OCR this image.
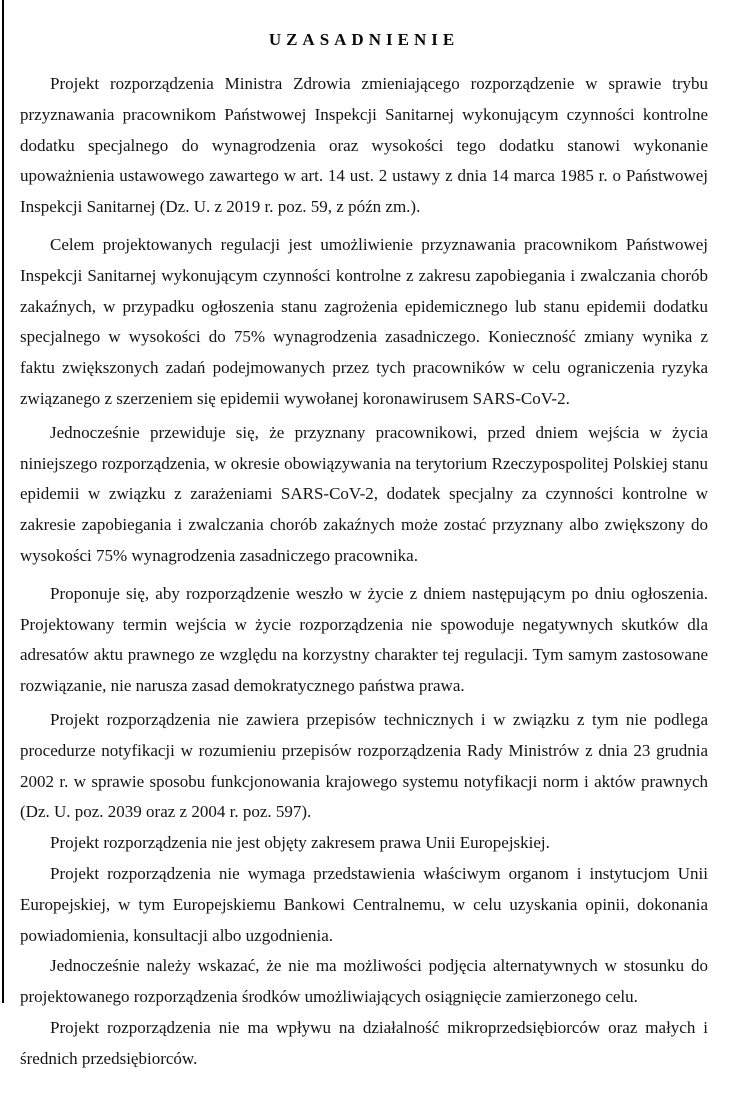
UZASADNIENIE

Projekt rozporządzenia Ministra Zdrowia zmieniającego rozporządzenie w sprawie trybu przyznawania pracownikom Państwowej Inspekcji Sanitarnej wykonującym czynności kontrolne dodatku specjalnego do wynagrodzenia oraz wysokości tego dodatku stanowi wykonanie upoważnienia ustawowego zawartego w art. 14 ust. 2 ustawy z dnia 14 marca 1985 r. o Państwowej Inspekcji Sanitarnej (Dz. U. z 2019 r. poz. 59, z późn zm.).

Celem projektowanych regulacji jest umożliwienie przyznawania pracownikom Państwowej Inspekcji Sanitarnej wykonującym czynności kontrolne z zakresu zapobiegania i zwalczania chorób zakaźnych, w przypadku ogłoszenia stanu zagrożenia epidemicznego lub stanu epidemii dodatku specjalnego w wysokości do 75% wynagrodzenia zasadniczego. Konieczność zmiany wynika z faktu zwiększonych zadań podejmowanych przez tych pracowników w celu ograniczenia ryzyka związanego z szerzeniem się epidemii wywołanej koronawirusem SARS-CoV-2.

Jednocześnie przewiduje się, że przyznany pracownikowi, przed dniem wejścia w życia niniejszego rozporządzenia, w okresie obowiązywania na terytorium Rzeczypospolitej Polskiej stanu epidemii w związku z zarażeniami SARS-CoV-2, dodatek specjalny za czynności kontrolne w zakresie zapobiegania i zwalczania chorób zakaźnych może zostać przyznany albo zwiększony do wysokości 75% wynagrodzenia zasadniczego pracownika.

Proponuje się, aby rozporządzenie weszło w życie z dniem następującym po dniu ogłoszenia. Projektowany termin wejścia w życie rozporządzenia nie spowoduje negatywnych skutków dla adresatów aktu prawnego ze względu na korzystny charakter tej regulacji. Tym samym zastosowane rozwiązanie, nie narusza zasad demokratycznego państwa prawa.

Projekt rozporządzenia nie zawiera przepisów technicznych i w związku z tym nie podlega procedurze notyfikacji w rozumieniu przepisów rozporządzenia Rady Ministrów z dnia 23 grudnia 2002 r. w sprawie sposobu funkcjonowania krajowego systemu notyfikacji norm i aktów prawnych (Dz. U. poz. 2039 oraz z 2004 r. poz. 597).

Projekt rozporządzenia nie jest objęty zakresem prawa Unii Europejskiej.

Projekt rozporządzenia nie wymaga przedstawienia właściwym organom i instytucjom Unii Europejskiej, w tym Europejskiemu Bankowi Centralnemu, w celu uzyskania opinii, dokonania powiadomienia, konsultacji albo uzgodnienia.

Jednocześnie należy wskazać, że nie ma możliwości podjęcia alternatywnych w stosunku do projektowanego rozporządzenia środków umożliwiających osiągnięcie zamierzonego celu.

Projekt rozporządzenia nie ma wpływu na działalność mikroprzedsiębiorców oraz małych i średnich przedsiębiorców.
